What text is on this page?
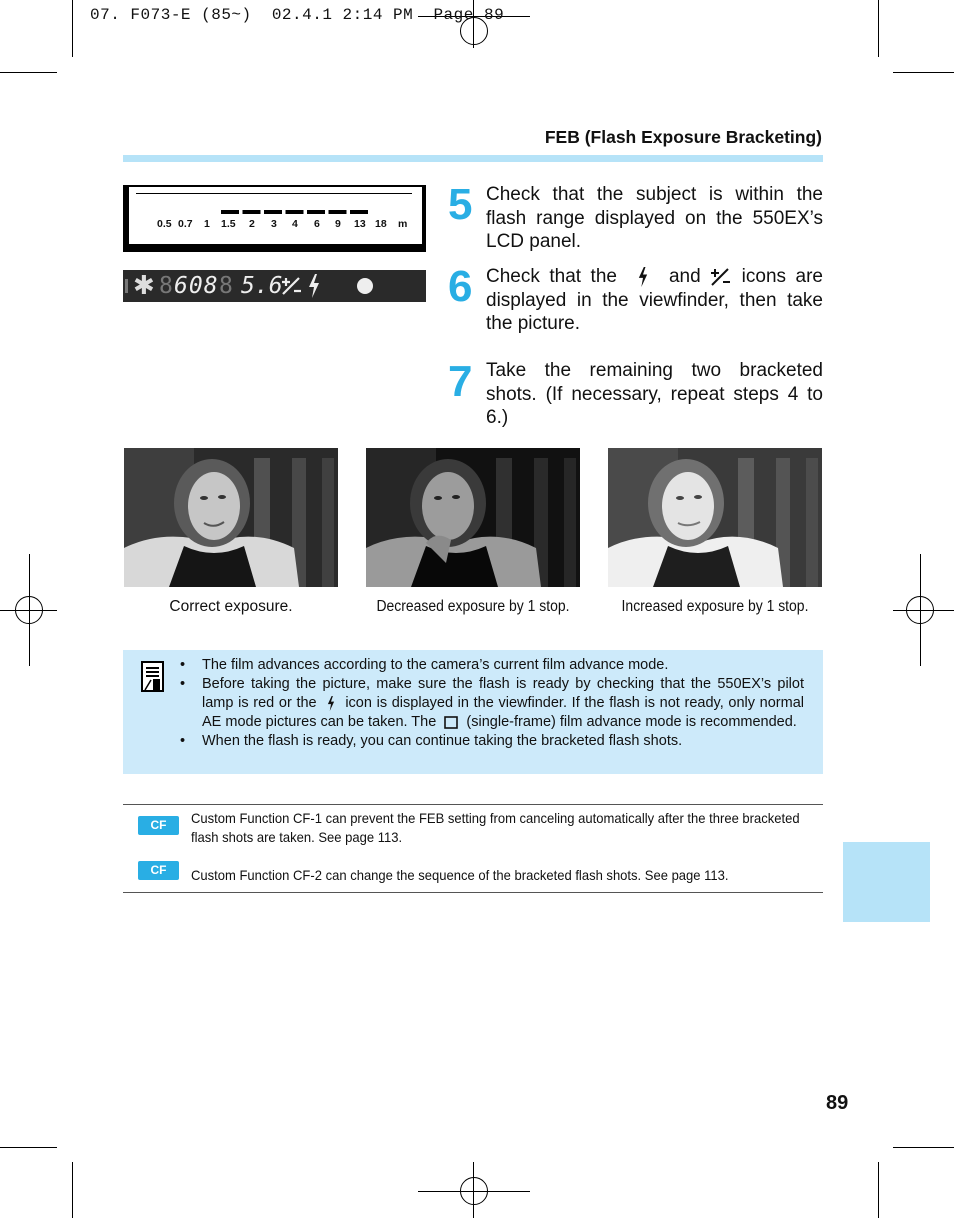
07. F073-E (85~)  02.4.1 2:14 PM  Page 89
FEB (Flash Exposure Bracketing)
0.5 0.7 1 1.5 2 3 4 6 9 13 18 m
✱ 8 608 8 5.6
5 Check that the subject is within the flash range displayed on the 550EX’s LCD panel.
6 Check that the	and icons are displayed in the viewfinder, then take the picture.
7 Take the remaining two bracketed shots. (If necessary, repeat steps 4 to 6.)
Correct exposure.	Decreased exposure by 1 stop.	Increased exposure by 1 stop.
• The film advances according to the camera’s current film advance mode.
• Before taking the picture, make sure the flash is ready by checking that the 550EX’s pilot lamp is red or the icon is displayed in the viewfinder. If the flash is not ready, only normal AE mode pictures can be taken. The (single-frame) film advance mode is recommended.
• When the flash is ready, you can continue taking the bracketed flash shots.
CF	Custom Function CF-1 can prevent the FEB setting from canceling automatically after the three bracketed flash shots are taken. See page 113.
CF	Custom Function CF-2 can change the sequence of the bracketed flash shots. See page 113.
89
